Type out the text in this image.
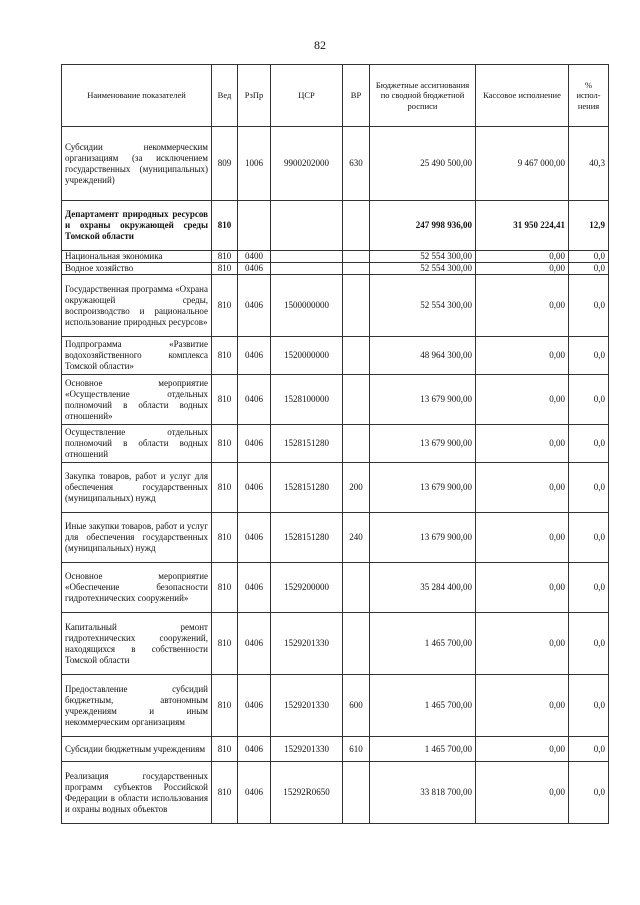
82
Наименование показателей	Вед	РзПр	ЦСР	ВР	Бюджетные ассигнования по сводной бюджетной росписи	Кассовое исполнение	% испол-нения
Субсидии некоммерческим организациям (за исключением государственных (муниципальных) учреждений)	809	1006	9900202000	630	25 490 500,00	9 467 000,00	40,3
Департамент природных ресурсов и охраны окружающей среды Томской области	810				247 998 936,00	31 950 224,41	12,9
Национальная экономика	810	0400			52 554 300,00	0,00	0,0
Водное хозяйство	810	0406			52 554 300,00	0,00	0,0
Государственная программа «Охрана окружающей среды, воспроизводство и рациональное использование природных ресурсов»	810	0406	1500000000		52 554 300,00	0,00	0,0
Подпрограмма «Развитие водохозяйственного комплекса Томской области»	810	0406	1520000000		48 964 300,00	0,00	0,0
Основное мероприятие «Осуществление отдельных полномочий в области водных отношений»	810	0406	1528100000		13 679 900,00	0,00	0,0
Осуществление отдельных полномочий в области водных отношений	810	0406	1528151280		13 679 900,00	0,00	0,0
Закупка товаров, работ и услуг для обеспечения государственных (муниципальных) нужд	810	0406	1528151280	200	13 679 900,00	0,00	0,0
Иные закупки товаров, работ и услуг для обеспечения государственных (муниципальных) нужд	810	0406	1528151280	240	13 679 900,00	0,00	0,0
Основное мероприятие «Обеспечение безопасности гидротехнических сооружений»	810	0406	1529200000		35 284 400,00	0,00	0,0
Капитальный ремонт гидротехнических сооружений, находящихся в собственности Томской области	810	0406	1529201330		1 465 700,00	0,00	0,0
Предоставление субсидий бюджетным, автономным учреждениям и иным некоммерческим организациям	810	0406	1529201330	600	1 465 700,00	0,00	0,0
Субсидии бюджетным учреждениям	810	0406	1529201330	610	1 465 700,00	0,00	0,0
Реализация государственных программ субъектов Российской Федерации в области использования и охраны водных объектов	810	0406	15292R0650		33 818 700,00	0,00	0,0
